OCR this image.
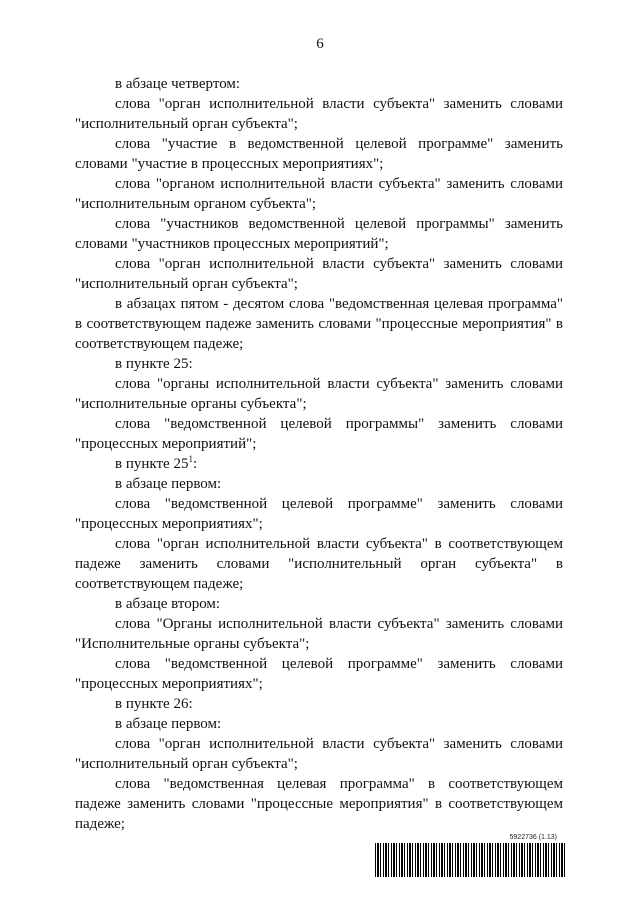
6

в абзаце четвертом:

слова "орган исполнительной власти субъекта" заменить словами "исполнительный орган субъекта";

слова "участие в ведомственной целевой программе" заменить словами "участие в процессных мероприятиях";

слова "органом исполнительной власти субъекта" заменить словами "исполнительным органом субъекта";

слова "участников ведомственной целевой программы" заменить словами "участников процессных мероприятий";

слова "орган исполнительной власти субъекта" заменить словами "исполнительный орган субъекта";

в абзацах пятом - десятом слова "ведомственная целевая программа" в соответствующем падеже заменить словами "процессные мероприятия" в соответствующем падеже;

в пункте 25:

слова "органы исполнительной власти субъекта" заменить словами "исполнительные органы субъекта";

слова "ведомственной целевой программы" заменить словами "процессных мероприятий";

в пункте $25^1$:

в абзаце первом:

слова "ведомственной целевой программе" заменить словами "процессных мероприятиях";

слова "орган исполнительной власти субъекта" в соответствующем падеже заменить словами "исполнительный орган субъекта" в соответствующем падеже;

в абзаце втором:

слова "Органы исполнительной власти субъекта" заменить словами "Исполнительные органы субъекта";

слова "ведомственной целевой программе" заменить словами "процессных мероприятиях";

в пункте 26:

в абзаце первом:

слова "орган исполнительной власти субъекта" заменить словами "исполнительный орган субъекта";

слова "ведомственная целевая программа" в соответствующем падеже заменить словами "процессные мероприятия" в соответствующем падеже;

5922736 (1.13)
